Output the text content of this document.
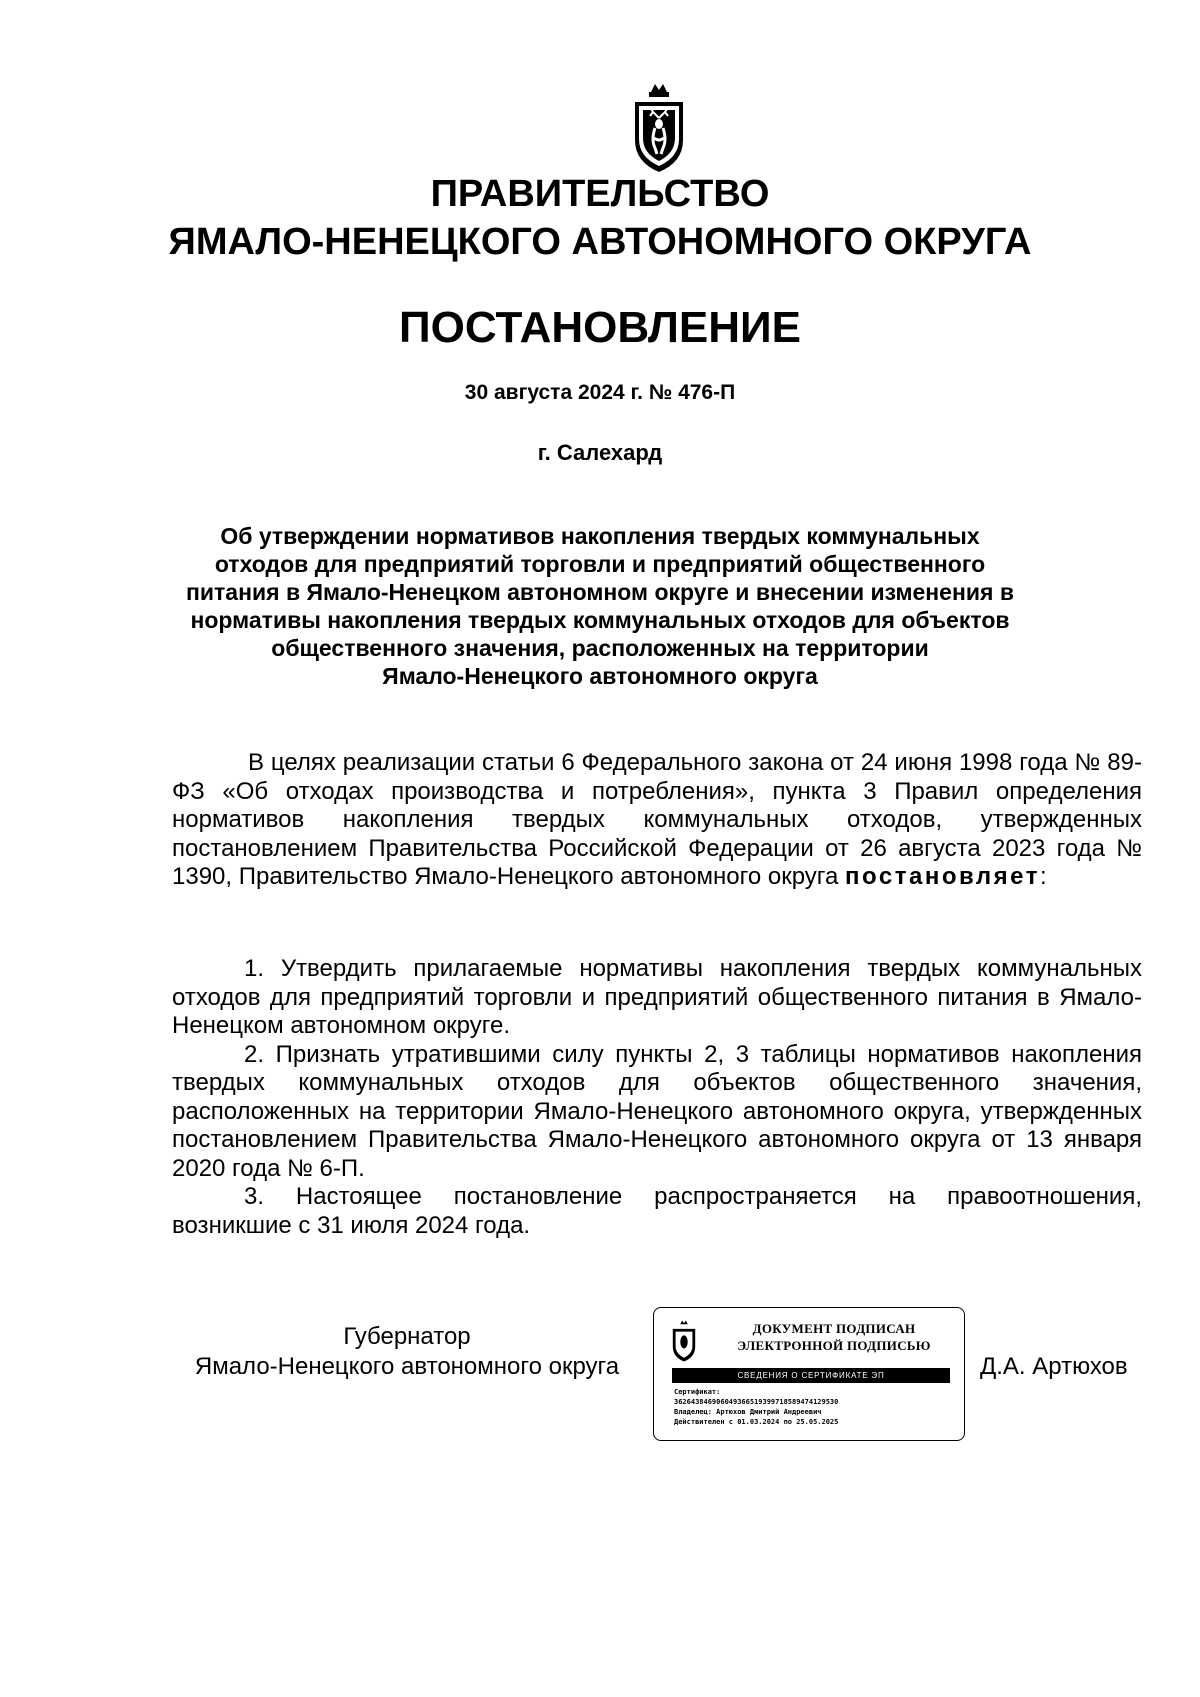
ПРАВИТЕЛЬСТВО
ЯМАЛО-НЕНЕЦКОГО АВТОНОМНОГО ОКРУГА
ПОСТАНОВЛЕНИЕ
30 августа 2024 г. № 476-П
г. Салехард
Об утверждении нормативов накопления твердых коммунальных
отходов для предприятий торговли и предприятий общественного
питания в Ямало-Ненецком автономном округе и внесении изменения в
нормативы накопления твердых коммунальных отходов для объектов
общественного значения, расположенных на территории
Ямало-Ненецкого автономного округа
В целях реализации статьи 6 Федерального закона от 24 июня 1998 года № 89-ФЗ «Об отходах производства и потребления», пункта 3 Правил определения нормативов накопления твердых коммунальных отходов, утвержденных постановлением Правительства Российской Федерации от 26 августа 2023 года № 1390, Правительство Ямало-Ненецкого автономного округа постановляет:

1. Утвердить прилагаемые нормативы накопления твердых коммунальных отходов для предприятий торговли и предприятий общественного питания в Ямало-Ненецком автономном округе.

2. Признать утратившими силу пункты 2, 3 таблицы нормативов накопления твердых коммунальных отходов для объектов общественного значения, расположенных на территории Ямало-Ненецкого автономного округа, утвержденных постановлением Правительства Ямало-Ненецкого автономного округа от 13 января 2020 года № 6-П.

3. Настоящее постановление распространяется на правоотношения, возникшие с 31 июля 2024 года.

Губернатор
Ямало-Ненецкого автономного округа
ДОКУМЕНТ ПОДПИСАН
ЭЛЕКТРОННОЙ ПОДПИСЬЮ
СВЕДЕНИЯ О СЕРТИФИКАТЕ ЭП
Сертификат:
362643846906049366519399718589474129530
Владелец: Артюхов Дмитрий Андреевич
Действителен с 01.03.2024 по 25.05.2025
Д.А. Артюхов
